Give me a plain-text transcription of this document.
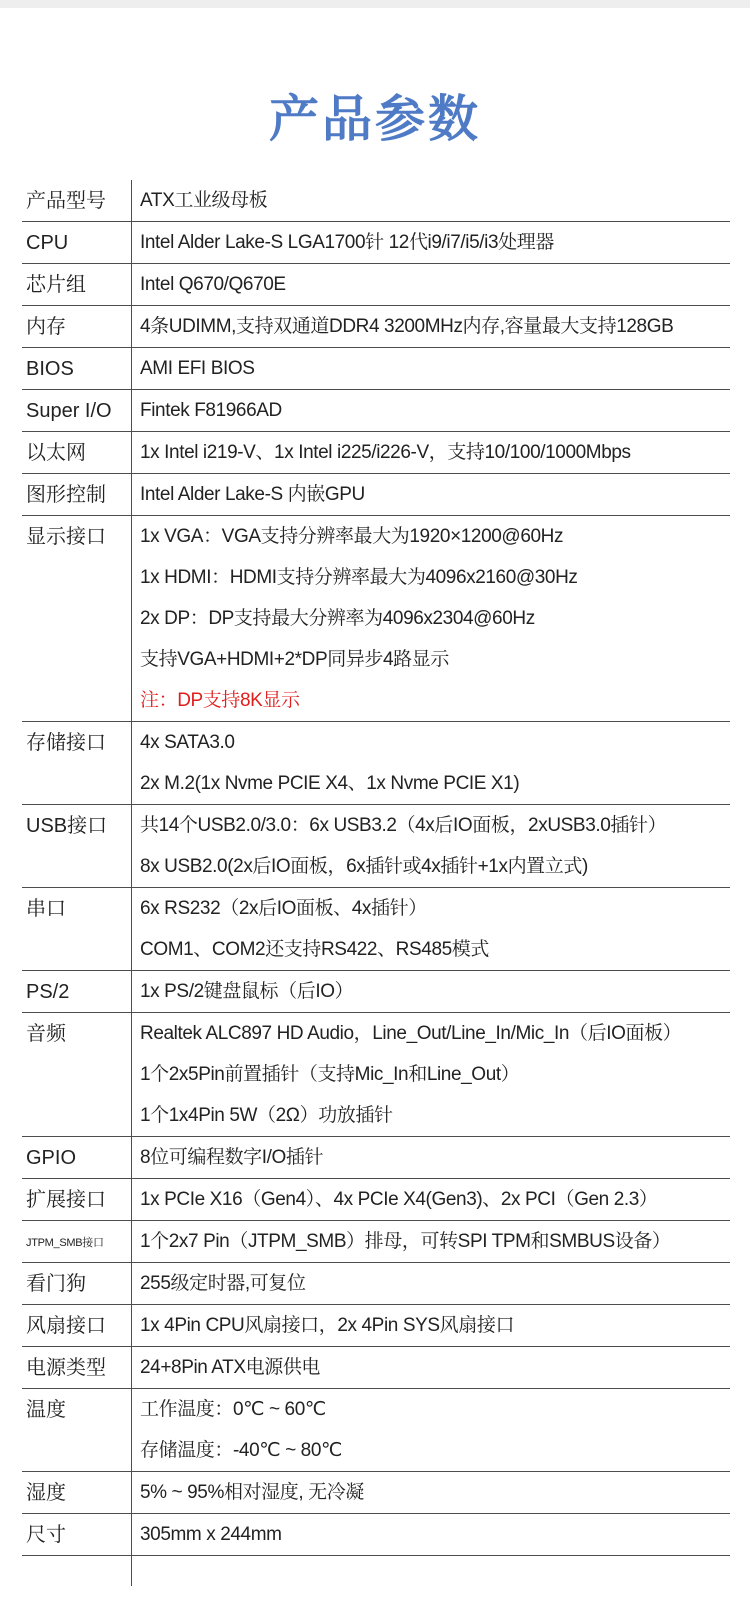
产品参数
产品型号	ATX工业级母板
CPU	Intel Alder Lake-S LGA1700针 12代i9/i7/i5/i3处理器
芯片组	Intel Q670/Q670E
内存	4条UDIMM,支持双通道DDR4 3200MHz内存,容量最大支持128GB
BIOS	AMI EFI BIOS
Super I/O	Fintek F81966AD
以太网	1x Intel i219-V、1x Intel i225/i226-V，支持10/100/1000Mbps
图形控制	Intel Alder Lake-S 内嵌GPU
显示接口	1x VGA：VGA支持分辨率最大为1920×1200@60Hz
1x HDMI：HDMI支持分辨率最大为4096x2160@30Hz
2x DP：DP支持最大分辨率为4096x2304@60Hz
支持VGA+HDMI+2*DP同异步4路显示
注：DP支持8K显示
存储接口	4x SATA3.0
2x M.2(1x Nvme PCIE X4、1x Nvme PCIE X1)
USB接口	共14个USB2.0/3.0：6x USB3.2（4x后IO面板，2xUSB3.0插针）
8x USB2.0(2x后IO面板，6x插针或4x插针+1x内置立式)
串口	6x RS232（2x后IO面板、4x插针）
COM1、COM2还支持RS422、RS485模式
PS/2	1x PS/2键盘鼠标（后IO）
音频	Realtek ALC897 HD Audio，Line_Out/Line_In/Mic_In（后IO面板）
1个2x5Pin前置插针（支持Mic_In和Line_Out）
1个1x4Pin 5W（2Ω）功放插针
GPIO	8位可编程数字I/O插针
扩展接口	1x PCIe X16（Gen4）、4x PCIe X4(Gen3)、2x PCI（Gen 2.3）
JTPM_SMB接口	1个2x7 Pin（JTPM_SMB）排母，可转SPI TPM和SMBUS设备）
看门狗	255级定时器,可复位
风扇接口	1x 4Pin CPU风扇接口，2x 4Pin SYS风扇接口
电源类型	24+8Pin ATX电源供电
温度	工作温度：0℃ ~ 60℃
存储温度：-40℃ ~ 80℃
湿度	5% ~ 95%相对湿度, 无冷凝
尺寸	305mm x 244mm
